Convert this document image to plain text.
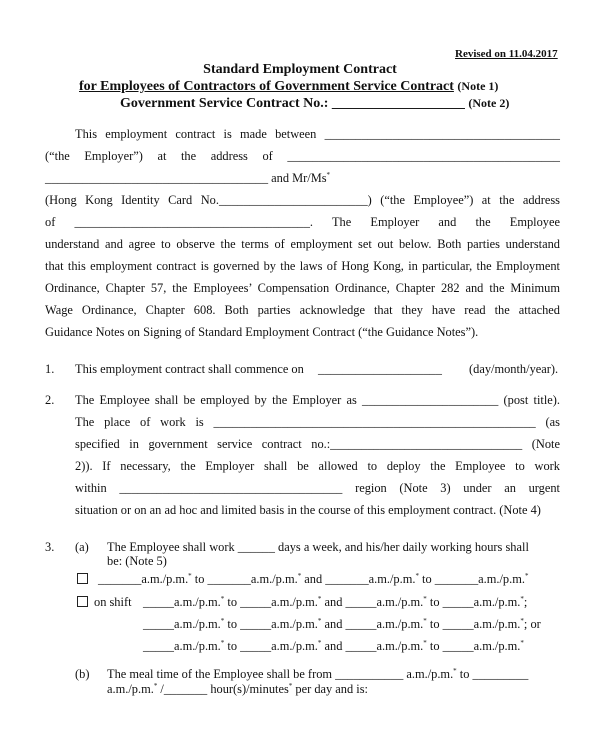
Revised on 11.04.2017
Standard Employment Contract
for Employees of Contractors of Government Service Contract (Note 1)
Government Service Contract No.: ___________________ (Note 2)
This employment contract is made between ______________________________________
(“the Employer”) at the address of ____________________________________________
____________________________________ and Mr/Ms*
(Hong Kong Identity Card No.________________________) (“the Employee”) at the address
of ______________________________________. The Employer and the Employee
understand and agree to observe the terms of employment set out below. Both parties understand
that this employment contract is governed by the laws of Hong Kong, in particular, the Employment
Ordinance, Chapter 57, the Employees’ Compensation Ordinance, Chapter 282 and the Minimum
Wage Ordinance, Chapter 608. Both parties acknowledge that they have read the attached
Guidance Notes on Signing of Standard Employment Contract (“the Guidance Notes”).
1. This employment contract shall commence on ____________________ (day/month/year).
2. The Employee shall be employed by the Employer as ______________________ (post title).
The place of work is ____________________________________________________ (as
specified in government service contract no.:_______________________________ (Note
2)). If necessary, the Employer shall be allowed to deploy the Employee to work
within ____________________________________ region (Note 3) under an urgent
situation or on an ad hoc and limited basis in the course of this employment contract. (Note 4)
3. (a) The Employee shall work ______ days a week, and his/her daily working hours shall
be: (Note 5)
_______a.m./p.m.* to _______a.m./p.m.* and _______a.m./p.m.* to _______a.m./p.m.*
on shift _____a.m./p.m.* to _____a.m./p.m.* and _____a.m./p.m.* to _____a.m./p.m.*;
_____a.m./p.m.* to _____a.m./p.m.* and _____a.m./p.m.* to _____a.m./p.m.*; or
_____a.m./p.m.* to _____a.m./p.m.* and _____a.m./p.m.* to _____a.m./p.m.*
(b) The meal time of the Employee shall be from ___________ a.m./p.m.* to _________
a.m./p.m.* /_______ hour(s)/minutes* per day and is:
